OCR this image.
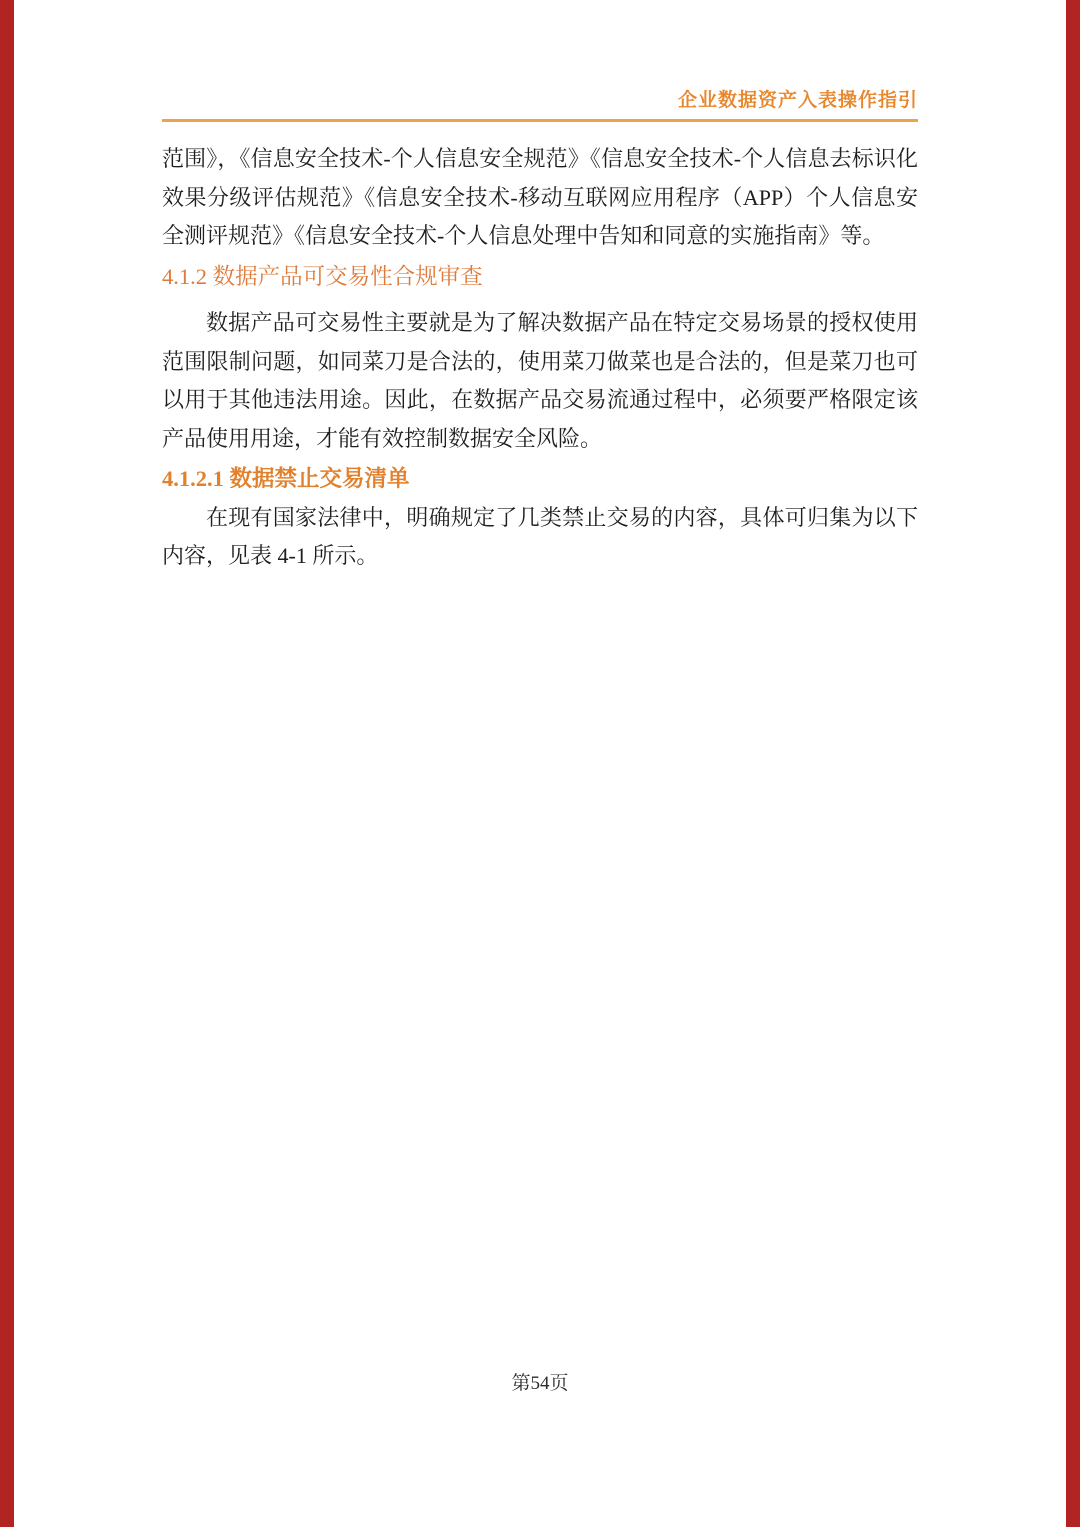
企业数据资产入表操作指引

范围》，《信息安全技术-个人信息安全规范》《信息安全技术-个人信息去标识化效果分级评估规范》《信息安全技术-移动互联网应用程序（APP）个人信息安全测评规范》《信息安全技术-个人信息处理中告知和同意的实施指南》等。

4.1.2 数据产品可交易性合规审查

数据产品可交易性主要就是为了解决数据产品在特定交易场景的授权使用范围限制问题，如同菜刀是合法的，使用菜刀做菜也是合法的，但是菜刀也可以用于其他违法用途。因此，在数据产品交易流通过程中，必须要严格限定该产品使用用途，才能有效控制数据安全风险。

4.1.2.1 数据禁止交易清单

在现有国家法律中，明确规定了几类禁止交易的内容，具体可归集为以下内容，见表 4-1 所示。

第54页
